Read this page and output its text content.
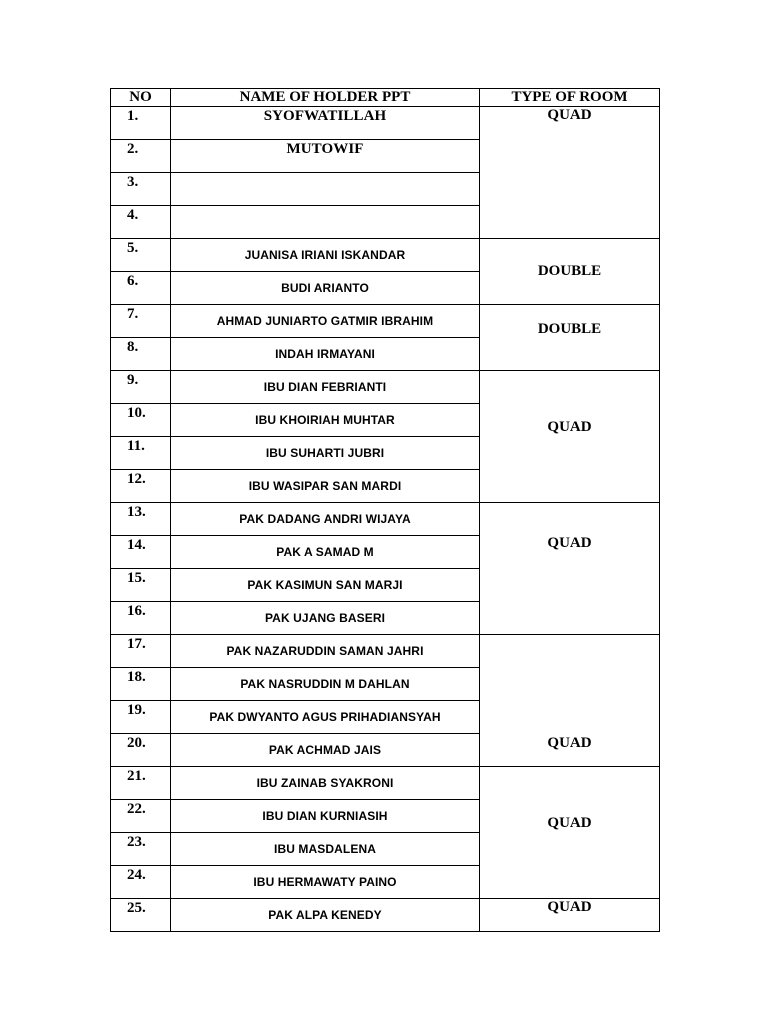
NO	NAME OF HOLDER PPT	TYPE OF ROOM
1.	SYOFWATILLAH	QUAD
2.	MUTOWIF	
3.		
4.		
5.	JUANISA IRIANI ISKANDAR	DOUBLE
6.	BUDI ARIANTO	
7.	AHMAD JUNIARTO GATMIR IBRAHIM	DOUBLE
8.	INDAH IRMAYANI	
9.	IBU DIAN FEBRIANTI	QUAD
10.	IBU KHOIRIAH MUHTAR	
11.	IBU SUHARTI JUBRI	
12.	IBU WASIPAR SAN MARDI	
13.	PAK DADANG ANDRI WIJAYA	QUAD
14.	PAK A SAMAD M	
15.	PAK KASIMUN SAN MARJI	
16.	PAK UJANG BASERI	
17.	PAK NAZARUDDIN SAMAN JAHRI	QUAD
18.	PAK NASRUDDIN M DAHLAN	
19.	PAK DWYANTO AGUS PRIHADIANSYAH	
20.	PAK ACHMAD JAIS	
21.	IBU ZAINAB SYAKRONI	QUAD
22.	IBU DIAN KURNIASIH	
23.	IBU MASDALENA	
24.	IBU HERMAWATY PAINO	
25.	PAK ALPA KENEDY	QUAD
